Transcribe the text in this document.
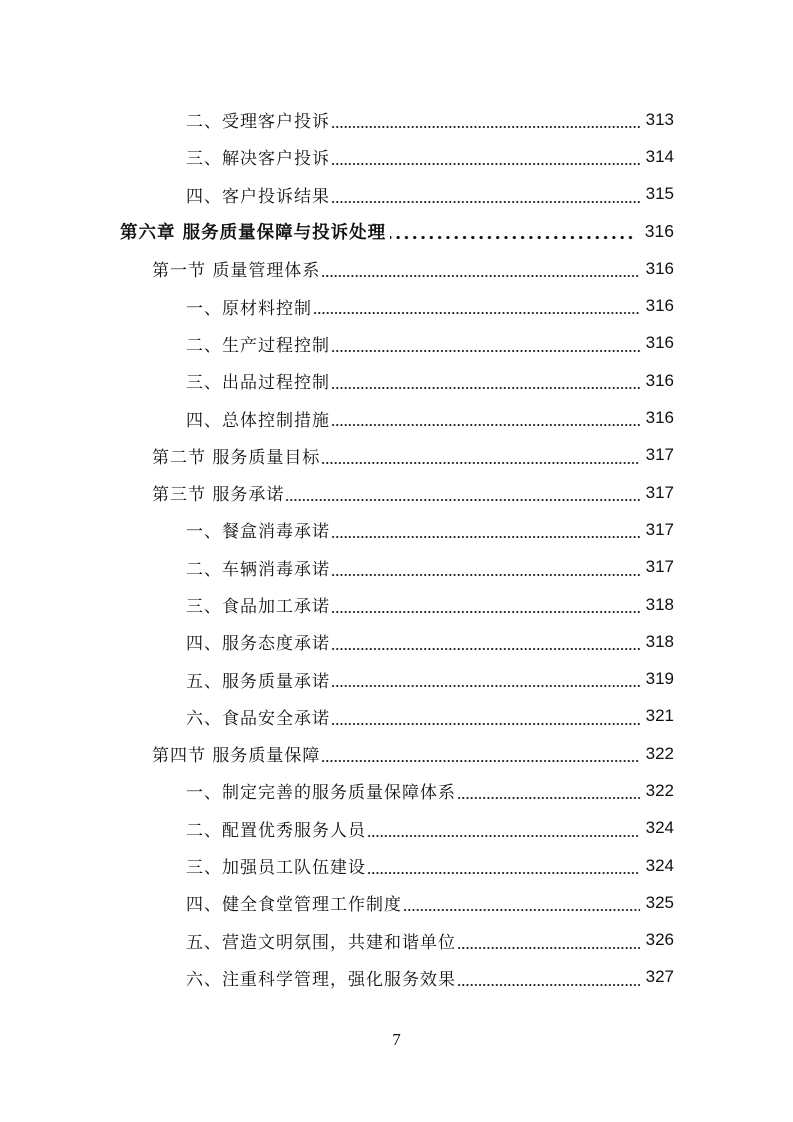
二、受理客户投诉	313
三、解决客户投诉	314
四、客户投诉结果	315
第六章 服务质量保障与投诉处理	316
第一节 质量管理体系	316
一、原材料控制	316
二、生产过程控制	316
三、出品过程控制	316
四、总体控制措施	316
第二节 服务质量目标	317
第三节 服务承诺	317
一、餐盒消毒承诺	317
二、车辆消毒承诺	317
三、食品加工承诺	318
四、服务态度承诺	318
五、服务质量承诺	319
六、食品安全承诺	321
第四节 服务质量保障	322
一、制定完善的服务质量保障体系	322
二、配置优秀服务人员	324
三、加强员工队伍建设	324
四、健全食堂管理工作制度	325
五、营造文明氛围，共建和谐单位	326
六、注重科学管理，强化服务效果	327
7
